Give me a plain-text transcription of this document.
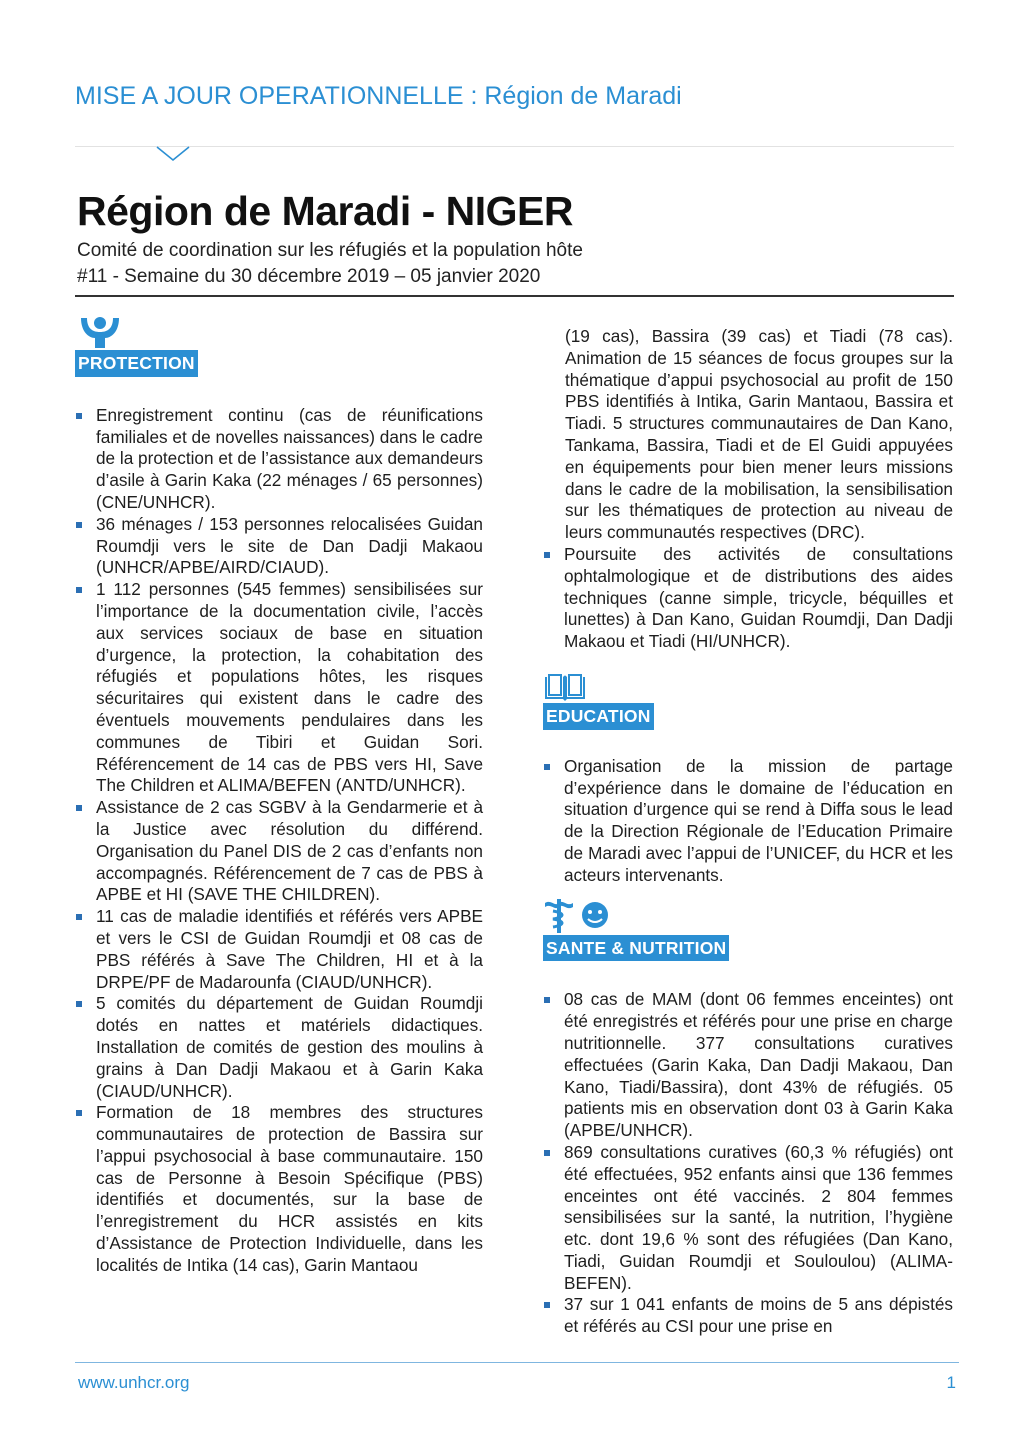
MISE A JOUR OPERATIONNELLE : Région de Maradi
Région de Maradi - NIGER
Comité de coordination sur les réfugiés et la population hôte
#11 - Semaine du 30 décembre 2019 – 05 janvier 2020
PROTECTION
Enregistrement continu (cas de réunifications familiales et de novelles naissances) dans le cadre de la protection et de l’assistance aux demandeurs d’asile à Garin Kaka (22 ménages / 65 personnes) (CNE/UNHCR).
36 ménages / 153 personnes relocalisées Guidan Roumdji vers le site de Dan Dadji Makaou (UNHCR/APBE/AIRD/CIAUD).
1 112 personnes (545 femmes) sensibilisées sur l’importance de la documentation civile, l’accès aux services sociaux de base en situation d’urgence, la protection, la cohabitation des réfugiés et populations hôtes, les risques sécuritaires qui existent dans le cadre des éventuels mouvements pendulaires dans les communes de Tibiri et Guidan Sori. Référencement de 14 cas de PBS vers HI, Save The Children et ALIMA/BEFEN (ANTD/UNHCR).
Assistance de 2 cas SGBV à la Gendarmerie et à la Justice avec résolution du différend. Organisation du Panel DIS de 2 cas d’enfants non accompagnés. Référencement de 7 cas de PBS à APBE et HI (SAVE THE CHILDREN).
11 cas de maladie identifiés et référés vers APBE et vers le CSI de Guidan Roumdji et 08 cas de PBS référés à Save The Children, HI et à la DRPE/PF de Madarounfa (CIAUD/UNHCR).
5 comités du département de Guidan Roumdji dotés en nattes et matériels didactiques. Installation de comités de gestion des moulins à grains à Dan Dadji Makaou et à Garin Kaka (CIAUD/UNHCR).
Formation de 18 membres des structures communautaires de protection de Bassira sur l’appui psychosocial à base communautaire. 150 cas de Personne à Besoin Spécifique (PBS) identifiés et documentés, sur la base de l’enregistrement du HCR assistés en kits d’Assistance de Protection Individuelle, dans les localités de Intika (14 cas), Garin Mantaou
(19 cas), Bassira (39 cas) et Tiadi (78 cas). Animation de 15 séances de focus groupes sur la thématique d’appui psychosocial au profit de 150 PBS identifiés à Intika, Garin Mantaou, Bassira et Tiadi. 5 structures communautaires de Dan Kano, Tankama, Bassira, Tiadi et de El Guidi appuyées en équipements pour bien mener leurs missions dans le cadre de la mobilisation, la sensibilisation sur les thématiques de protection au niveau de leurs communautés respectives (DRC).
Poursuite des activités de consultations ophtalmologique et de distributions des aides techniques (canne simple, tricycle, béquilles et lunettes) à Dan Kano, Guidan Roumdji, Dan Dadji Makaou et Tiadi (HI/UNHCR).
EDUCATION
Organisation de la mission de partage d’expérience dans le domaine de l’éducation en situation d’urgence qui se rend à Diffa sous le lead de la Direction Régionale de l’Education Primaire de Maradi avec l’appui de l’UNICEF, du HCR et les acteurs intervenants.
SANTE & NUTRITION
08 cas de MAM (dont 06 femmes enceintes) ont été enregistrés et référés pour une prise en charge nutritionnelle. 377 consultations curatives effectuées (Garin Kaka, Dan Dadji Makaou, Dan Kano, Tiadi/Bassira), dont 43% de réfugiés. 05 patients mis en observation dont 03 à Garin Kaka (APBE/UNHCR).
869 consultations curatives (60,3 % réfugiés) ont été effectuées, 952 enfants ainsi que 136 femmes enceintes ont été vaccinés. 2 804 femmes sensibilisées sur la santé, la nutrition, l’hygiène etc. dont 19,6 % sont des réfugiées (Dan Kano, Tiadi, Guidan Roumdji et Souloulou) (ALIMA-BEFEN).
37 sur 1 041 enfants de moins de 5 ans dépistés et référés au CSI pour une prise en
www.unhcr.org	1
